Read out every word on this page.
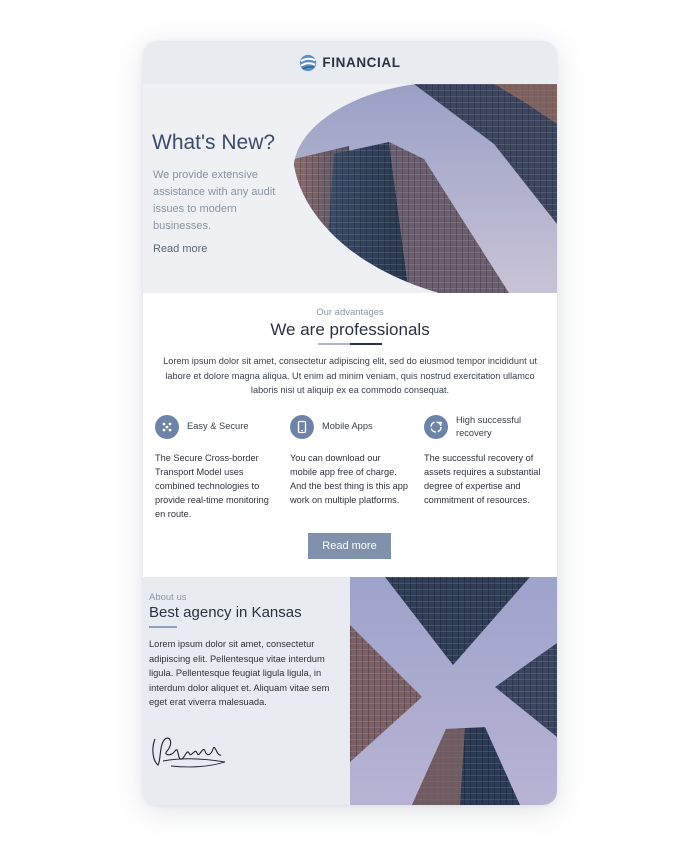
FINANCIAL
What's New?

We provide extensive assistance with any audit issues to modern businesses.

Read more
Our advantages
We are professionals

Lorem ipsum dolor sit amet, consectetur adipiscing elit, sed do eiusmod tempor incididunt ut labore et dolore magna aliqua. Ut enim ad minim veniam, quis nostrud exercitation ullamco laboris nisi ut aliquip ex ea commodo consequat.

Easy & Secure

The Secure Cross-border Transport Model uses combined technologies to provide real-time monitoring en route.

Mobile Apps

You can download our mobile app free of charge. And the best thing is this app work on multiple platforms.

High successful recovery

The successful recovery of assets requires a substantial degree of expertise and commitment of resources.

Read more
About us
Best agency in Kansas

Lorem ipsum dolor sit amet, consectetur adipiscing elit. Pellentesque vitae interdum ligula. Pellentesque feugiat ligula ligula, in interdum dolor aliquet et. Aliquam vitae sem eget erat viverra malesuada.
